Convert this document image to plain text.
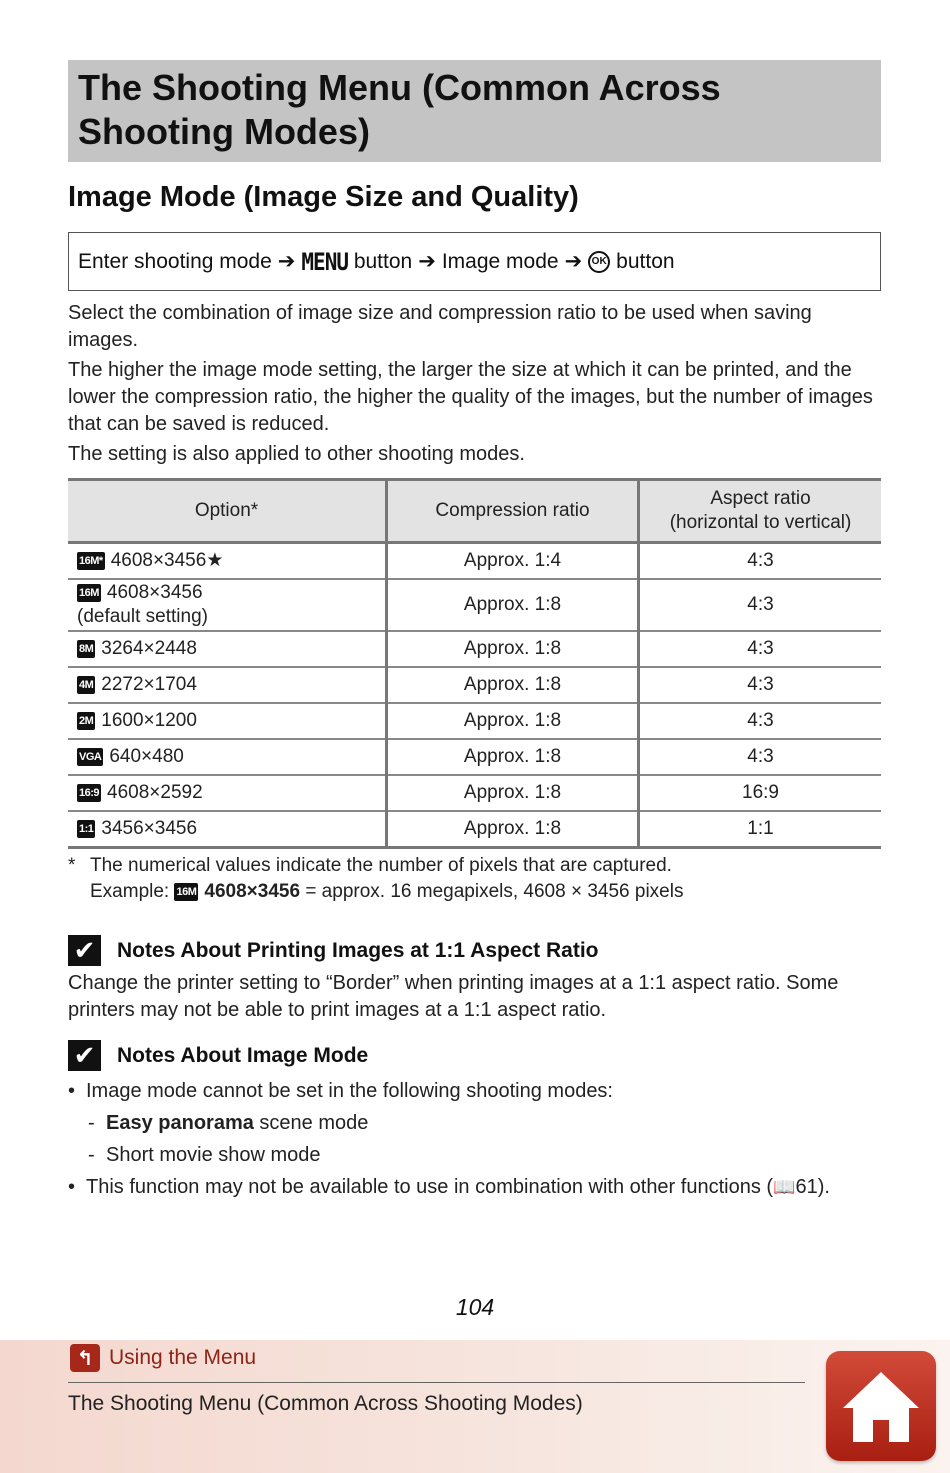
The Shooting Menu (Common Across Shooting Modes)
Image Mode (Image Size and Quality)
Enter shooting mode ➔ MENU
button ➔ Image mode ➔ OK button

Select the combination of image size and compression ratio to be used when saving images.

The higher the image mode setting, the larger the size at which it can be printed, and the lower the compression ratio, the higher the quality of the images, but the number of images that can be saved is reduced.

The setting is also applied to other shooting modes.

Option*	Compression ratio	Aspect ratio
(horizontal to vertical)
16M* 4608×3456★	Approx. 1:4	4:3
16M 4608×3456
(default setting)	Approx. 1:8	4:3
8M 3264×2448	Approx. 1:8	4:3
4M 2272×1704	Approx. 1:8	4:3
2M 1600×1200	Approx. 1:8	4:3
VGA 640×480	Approx. 1:8	4:3
16:9 4608×2592	Approx. 1:8	16:9
1:1 3456×3456	Approx. 1:8	1:1
* The numerical values indicate the number of pixels that are captured.
Example: 16M 4608×3456 = approx. 16 megapixels, 4608 × 3456 pixels
✔ Notes About Printing Images at 1:1 Aspect Ratio
Change the printer setting to “Border” when printing images at a 1:1 aspect ratio. Some printers may not be able to print images at a 1:1 aspect ratio.
✔ Notes About Image Mode
• Image mode cannot be set in the following shooting modes:
- Easy panorama scene mode
- Short movie show mode
• This function may not be available to use in combination with other functions (📖61).
104
↰ Using the Menu
The Shooting Menu (Common Across Shooting Modes)
